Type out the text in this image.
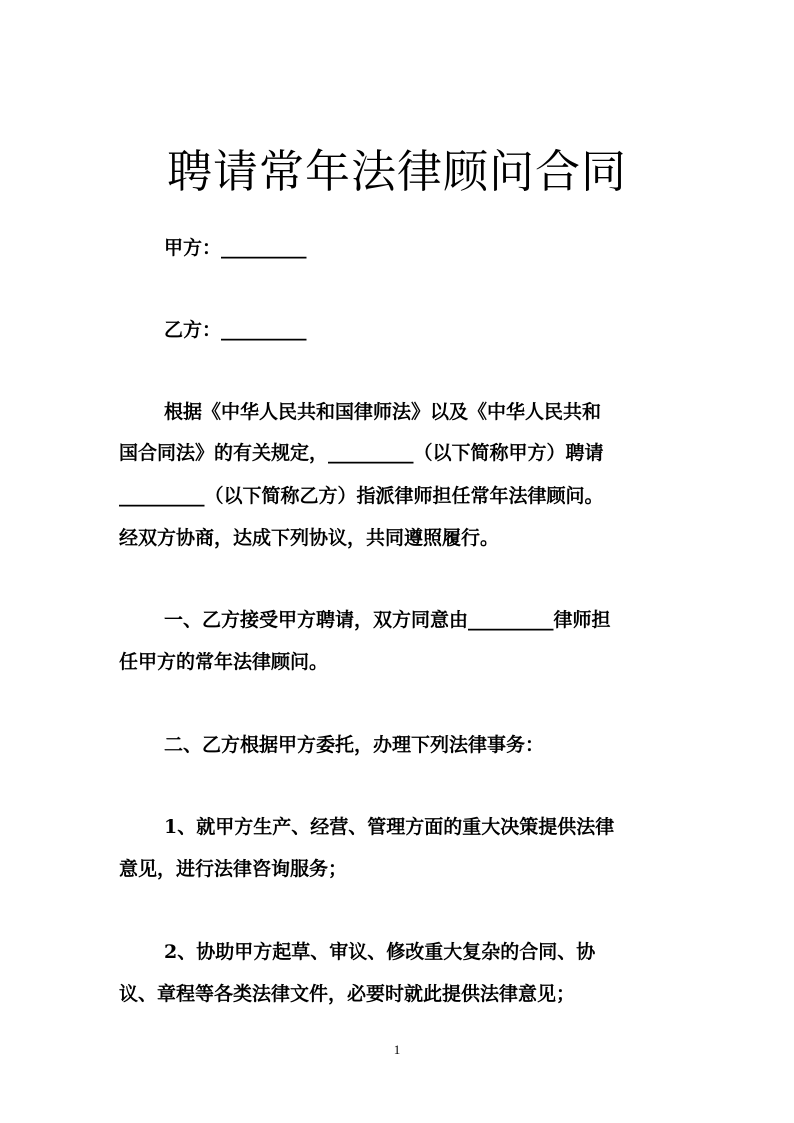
聘请常年法律顾问合同
甲方：_________
乙方：_________
根据《中华人民共和国律师法》以及《中华人民共和
国合同法》的有关规定，_________（以下简称甲方）聘请
_________（以下简称乙方）指派律师担任常年法律顾问。
经双方协商，达成下列协议，共同遵照履行。
一、乙方接受甲方聘请，双方同意由_________律师担
任甲方的常年法律顾问。
二、乙方根据甲方委托，办理下列法律事务：
1、就甲方生产、经营、管理方面的重大决策提供法律
意见，进行法律咨询服务；
2、协助甲方起草、审议、修改重大复杂的合同、协
议、章程等各类法律文件，必要时就此提供法律意见；
1
